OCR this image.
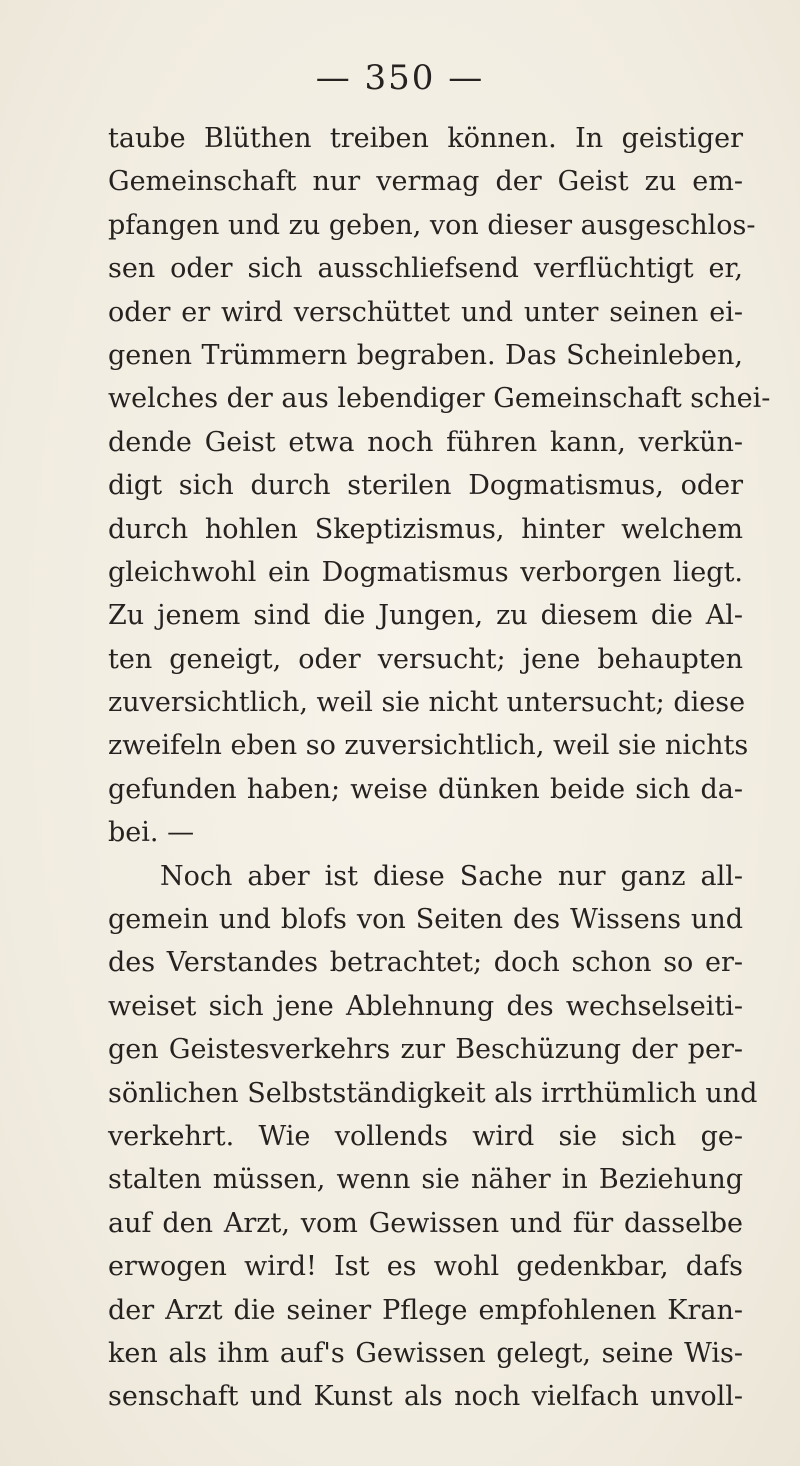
— 350 —
taube Blüthen treiben können. In geistiger
Gemeinschaft nur vermag der Geist zu em-
pfangen und zu geben, von dieser ausgeschlos-
sen oder sich ausschliefsend verflüchtigt er,
oder er wird verschüttet und unter seinen ei-
genen Trümmern begraben. Das Scheinleben,
welches der aus lebendiger Gemeinschaft schei-
dende Geist etwa noch führen kann, verkün-
digt sich durch sterilen Dogmatismus, oder
durch hohlen Skeptizismus, hinter welchem
gleichwohl ein Dogmatismus verborgen liegt.
Zu jenem sind die Jungen, zu diesem die Al-
ten geneigt, oder versucht; jene behaupten
zuversichtlich, weil sie nicht untersucht; diese
zweifeln eben so zuversichtlich, weil sie nichts
gefunden haben; weise dünken beide sich da-
bei. —
Noch aber ist diese Sache nur ganz all-
gemein und blofs von Seiten des Wissens und
des Verstandes betrachtet; doch schon so er-
weiset sich jene Ablehnung des wechselseiti-
gen Geistesverkehrs zur Beschüzung der per-
sönlichen Selbstständigkeit als irrthümlich und
verkehrt. Wie vollends wird sie sich ge-
stalten müssen, wenn sie näher in Beziehung
auf den Arzt, vom Gewissen und für dasselbe
erwogen wird! Ist es wohl gedenkbar, dafs
der Arzt die seiner Pflege empfohlenen Kran-
ken als ihm auf's Gewissen gelegt, seine Wis-
senschaft und Kunst als noch vielfach unvoll-
